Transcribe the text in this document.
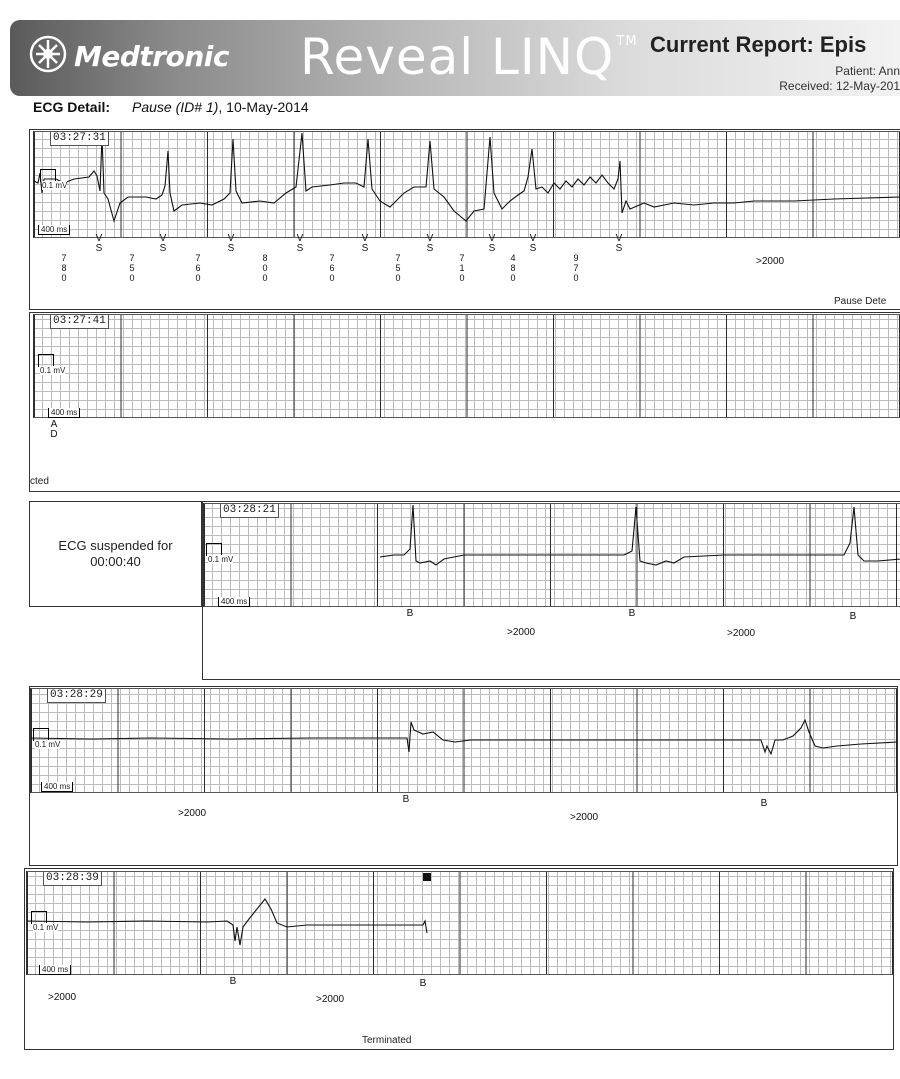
Medtronic Reveal LINQ ™ Current Report: Epis
Patient: Ann
Received: 12-May-201
ECG Detail: Pause (ID# 1), 10-May-2014
03:27:31
0.1 mV
400 ms
V
S
V
S
V
S
V
S
V
S
V
S
V
S
V
S
V
S
7
8
0
7
5
0
7
6
0
8
0
0
7
6
0
7
5
0
7
1
0
4
8
0
9
7
0
>2000
Pause Dete
03:27:41
0.1 mV
400 ms
A
D
cted
ECG suspended for
00:00:40
03:28:21
0.1 mV
400 ms
B	B	B
>2000	>2000
03:28:29
0.1 mV
400 ms
B	B
>2000	>2000
03:28:39
0.1 mV
400 ms
B	B
>2000	>2000
Terminated
